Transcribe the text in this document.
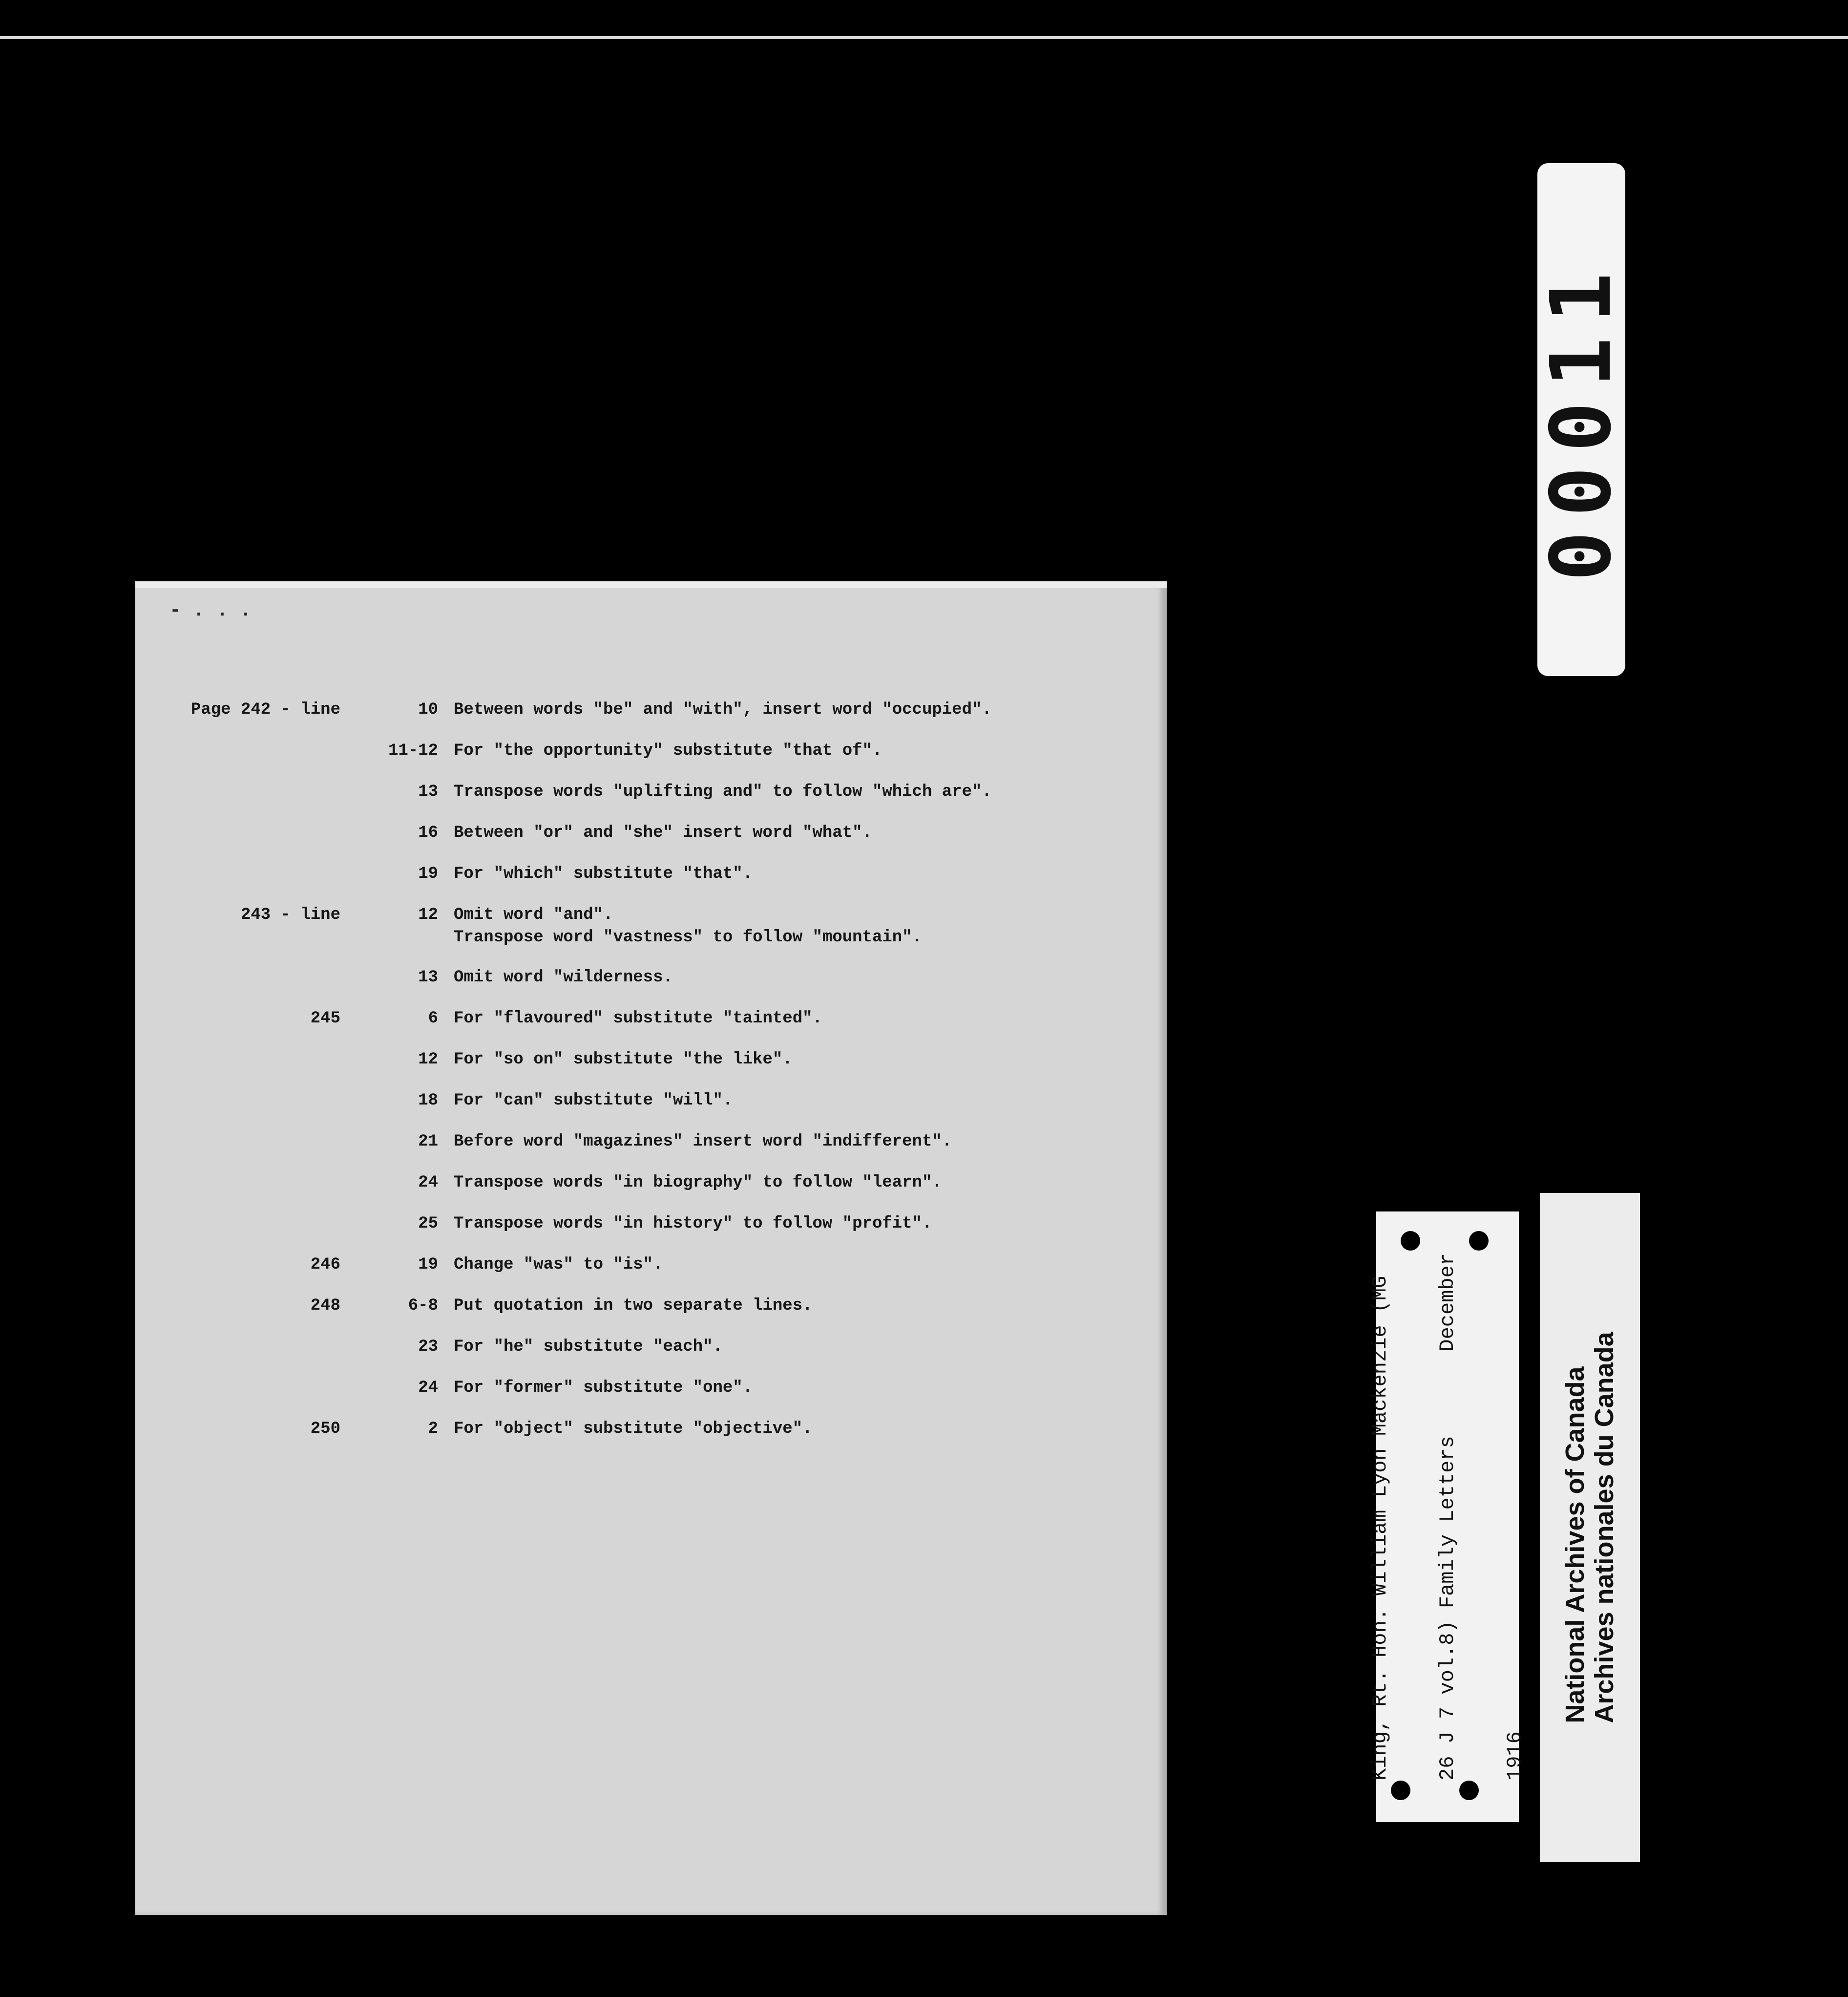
00011
- . . .
Page 242 - line	10 Between words "be" and "with", insert word "occupied".
11-12 For "the opportunity" substitute "that of".
13 Transpose words "uplifting and" to follow "which are".
16 Between "or" and "she" insert word "what".
19 For "which" substitute "that".
243 - line	12 Omit word "and".
Transpose word "vastness" to follow "mountain".
13 Omit word "wilderness.
245	6 For "flavoured" substitute "tainted".
12 For "so on" substitute "the like".
18 For "can" substitute "will".
21 Before word "magazines" insert word "indifferent".
24 Transpose words "in biography" to follow "learn".
25 Transpose words "in history" to follow "profit".
246	19 Change "was" to "is".
248	6-8 Put quotation in two separate lines.
23 For "he" substitute "each".
24 For "former" substitute "one".
250	2 For "object" substitute "objective".

	King, Rt. Hon. William Lyon Mackenzie (MG

26 J 7 vol.8) Family Letters
December

1916

National Archives of Canada Archives nationales du Canada
